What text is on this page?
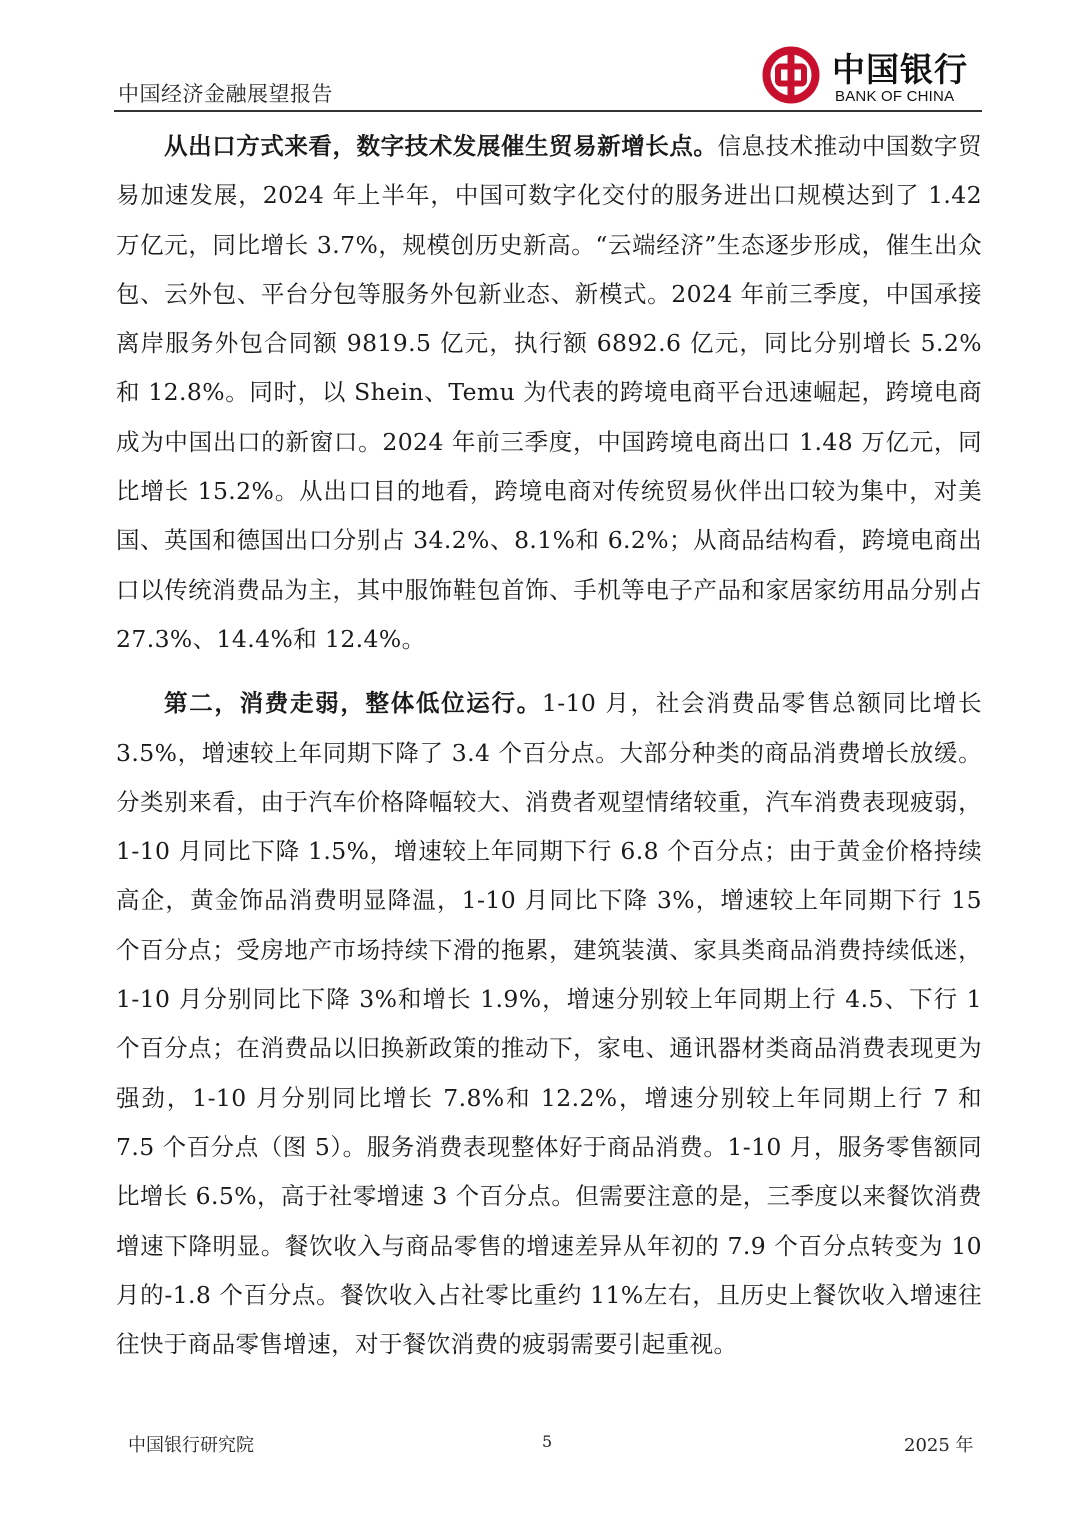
中国经济金融展望报告
中国银行
BANK OF CHINA

从出口方式来看，数字技术发展催生贸易新增长点。信息技术推动中国数字贸易加速发展，2024 年上半年，中国可数字化交付的服务进出口规模达到了 1.42 万亿元，同比增长 3.7%，规模创历史新高。“云端经济”生态逐步形成，催生出众包、云外包、平台分包等服务外包新业态、新模式。2024 年前三季度，中国承接离岸服务外包合同额 9819.5 亿元，执行额 6892.6 亿元，同比分别增长 5.2%和 12.8%。同时，以 Shein、Temu 为代表的跨境电商平台迅速崛起，跨境电商成为中国出口的新窗口。2024 年前三季度，中国跨境电商出口 1.48 万亿元，同比增长 15.2%。从出口目的地看，跨境电商对传统贸易伙伴出口较为集中，对美国、英国和德国出口分别占 34.2%、8.1%和 6.2%；从商品结构看，跨境电商出口以传统消费品为主，其中服饰鞋包首饰、手机等电子产品和家居家纺用品分别占 27.3%、14.4%和 12.4%。

第二，消费走弱，整体低位运行。1-10 月，社会消费品零售总额同比增长 3.5%，增速较上年同期下降了 3.4 个百分点。大部分种类的商品消费增长放缓。分类别来看，由于汽车价格降幅较大、消费者观望情绪较重，汽车消费表现疲弱，1-10 月同比下降 1.5%，增速较上年同期下行 6.8 个百分点；由于黄金价格持续高企，黄金饰品消费明显降温，1-10 月同比下降 3%，增速较上年同期下行 15 个百分点；受房地产市场持续下滑的拖累，建筑装潢、家具类商品消费持续低迷，1-10 月分别同比下降 3%和增长 1.9%，增速分别较上年同期上行 4.5、下行 1 个百分点；在消费品以旧换新政策的推动下，家电、通讯器材类商品消费表现更为强劲，1-10 月分别同比增长 7.8%和 12.2%，增速分别较上年同期上行 7 和 7.5 个百分点（图 5）。服务消费表现整体好于商品消费。1-10 月，服务零售额同比增长 6.5%，高于社零增速 3 个百分点。但需要注意的是，三季度以来餐饮消费增速下降明显。餐饮收入与商品零售的增速差异从年初的 7.9 个百分点转变为 10 月的-1.8 个百分点。餐饮收入占社零比重约 11%左右，且历史上餐饮收入增速往往快于商品零售增速，对于餐饮消费的疲弱需要引起重视。

中国银行研究院	5	2025 年
